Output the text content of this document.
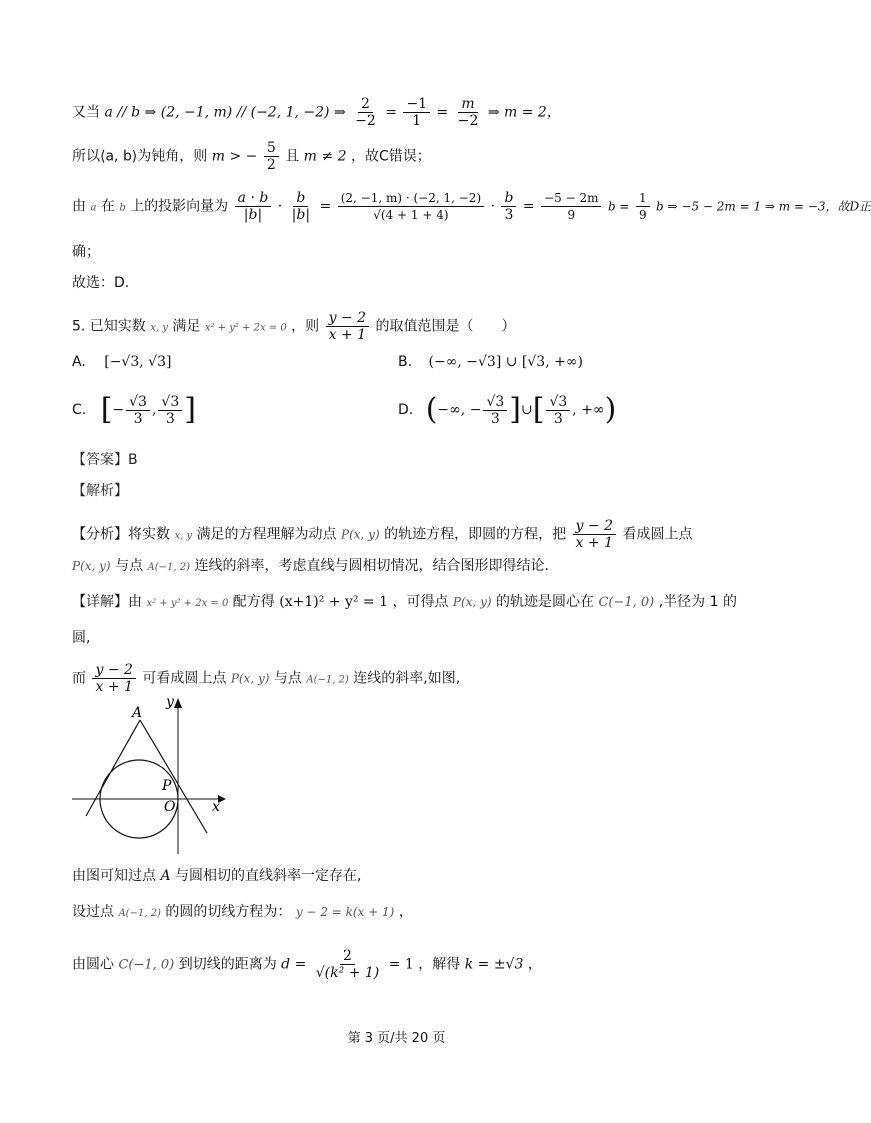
又当 a // b ⇒ (2, −1, m) // (−2, 1, −2) ⇒ $\frac{2}{-2} = \frac{-1}{1} = \frac{m}{-2}$ ⇒ m = 2，
所以⟨a, b⟩为钝角，则 m > − $\frac{5}{2}$ 且 m ≠ 2 ，故C错误；
由 a 在 b 上的投影向量为 $\frac{a \cdot b}{|b|} \cdot \frac{b}{|b|} = \frac{(2, -1, m) \cdot (-2, 1, -2)}{√(4 + 1 + 4)} \cdot \frac{b}{3} = \frac{-5 - 2m}{9}$ $b = \frac{1}{9}$ b ⇒ −5 − 2m = 1 ⇒ m = −3，故D正
确；
故选：D.
5. 已知实数 x, y 满足 x² + y² + 2x = 0 ，则 $\frac{y - 2}{x + 1}$ 的取值范围是（　　）
A. [−√3, √3]	B. (−∞, −√3] ∪ [√3, +∞)
C. [− $\frac{√3}{3}$ , $\frac{√3}{3}$ ]	D. (−∞, − $\frac{√3}{3}$ ]∪[ $\frac{√3}{3}$ , +∞)
【答案】B
【解析】
【分析】将实数 x, y 满足的方程理解为动点 P(x, y) 的轨迹方程，即圆的方程，把 $\frac{y - 2}{x + 1}$ 看成圆上点
P(x, y) 与点 A(−1, 2) 连线的斜率，考虑直线与圆相切情况，结合图形即得结论.
【详解】由 x² + y² + 2x = 0 配方得 (x+1)² + y² = 1 ，可得点 P(x, y) 的轨迹是圆心在 C(−1, 0) ,半径为 1 的
圆,
而 $\frac{y - 2}{x + 1}$ 可看成圆上点 P(x, y) 与点 A(−1, 2) 连线的斜率,如图,
A
y
P
O	x
由图可知过点 A 与圆相切的直线斜率一定存在,
设过点 A(−1, 2) 的圆的切线方程为： y − 2 = k(x + 1) ，
由圆心 C(−1, 0) 到切线的距离为 $d = \frac{2}{\text{√(k² + 1)}} = 1$ ，解得 k = ±√3 ，
第 3 页/共 20 页
